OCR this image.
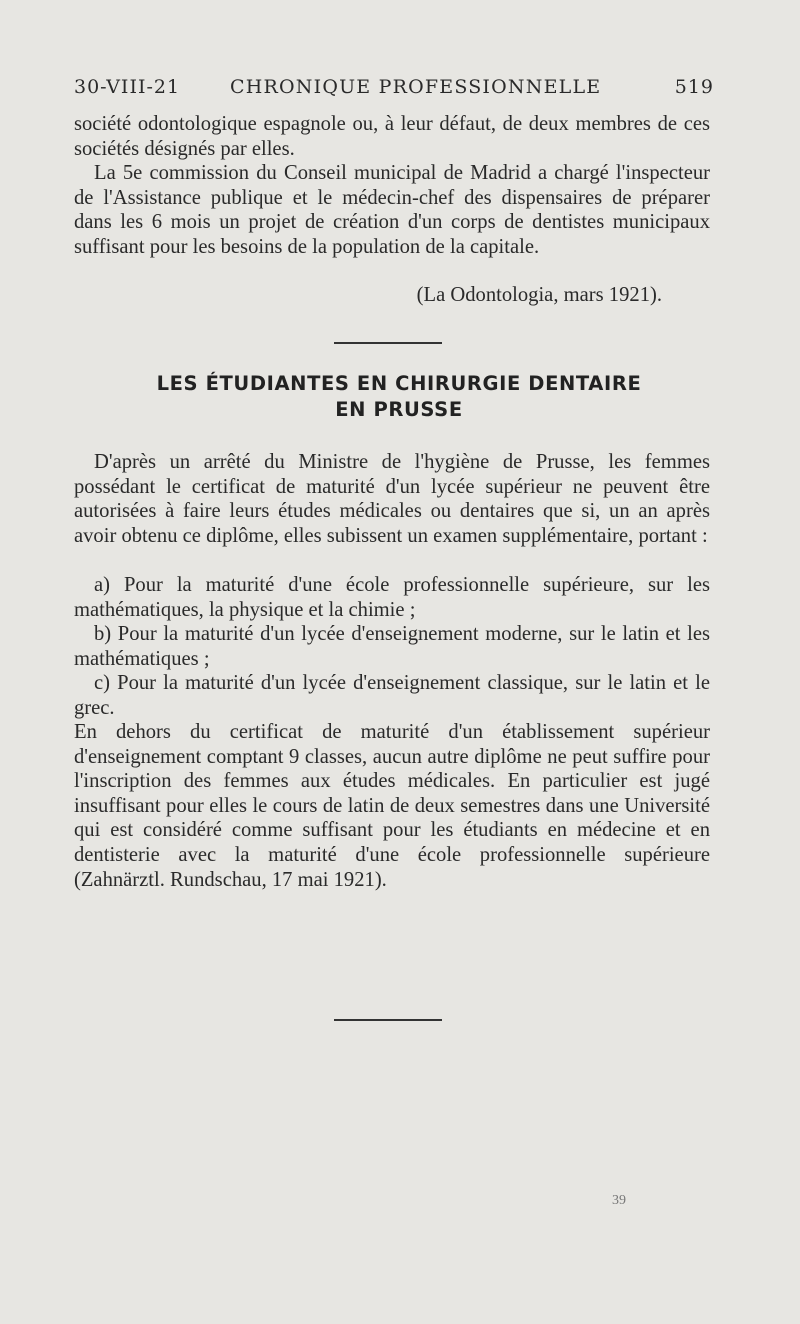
30-VIII-21	CHRONIQUE PROFESSIONNELLE	519

société odontologique espagnole ou, à leur défaut, de deux membres de ces sociétés désignés par elles.

La 5e commission du Conseil municipal de Madrid a chargé l'inspecteur de l'Assistance publique et le médecin-chef des dispensaires de préparer dans les 6 mois un projet de création d'un corps de dentistes municipaux suffisant pour les besoins de la population de la capitale.

(La Odontologia, mars 1921).
LES ÉTUDIANTES EN CHIRURGIE DENTAIRE
EN PRUSSE

D'après un arrêté du Ministre de l'hygiène de Prusse, les femmes possédant le certificat de maturité d'un lycée supérieur ne peuvent être autorisées à faire leurs études médicales ou dentaires que si, un an après avoir obtenu ce diplôme, elles subissent un examen supplémentaire, portant :

a) Pour la maturité d'une école professionnelle supérieure, sur les mathématiques, la physique et la chimie ;

b) Pour la maturité d'un lycée d'enseignement moderne, sur le latin et les mathématiques ;

c) Pour la maturité d'un lycée d'enseignement classique, sur le latin et le grec.

En dehors du certificat de maturité d'un établissement supérieur d'enseignement comptant 9 classes, aucun autre diplôme ne peut suffire pour l'inscription des femmes aux études médicales. En particulier est jugé insuffisant pour elles le cours de latin de deux semestres dans une Université qui est considéré comme suffisant pour les étudiants en médecine et en dentisterie avec la maturité d'une école professionnelle supérieure (Zahnärztl. Rundschau, 17 mai 1921).

39
